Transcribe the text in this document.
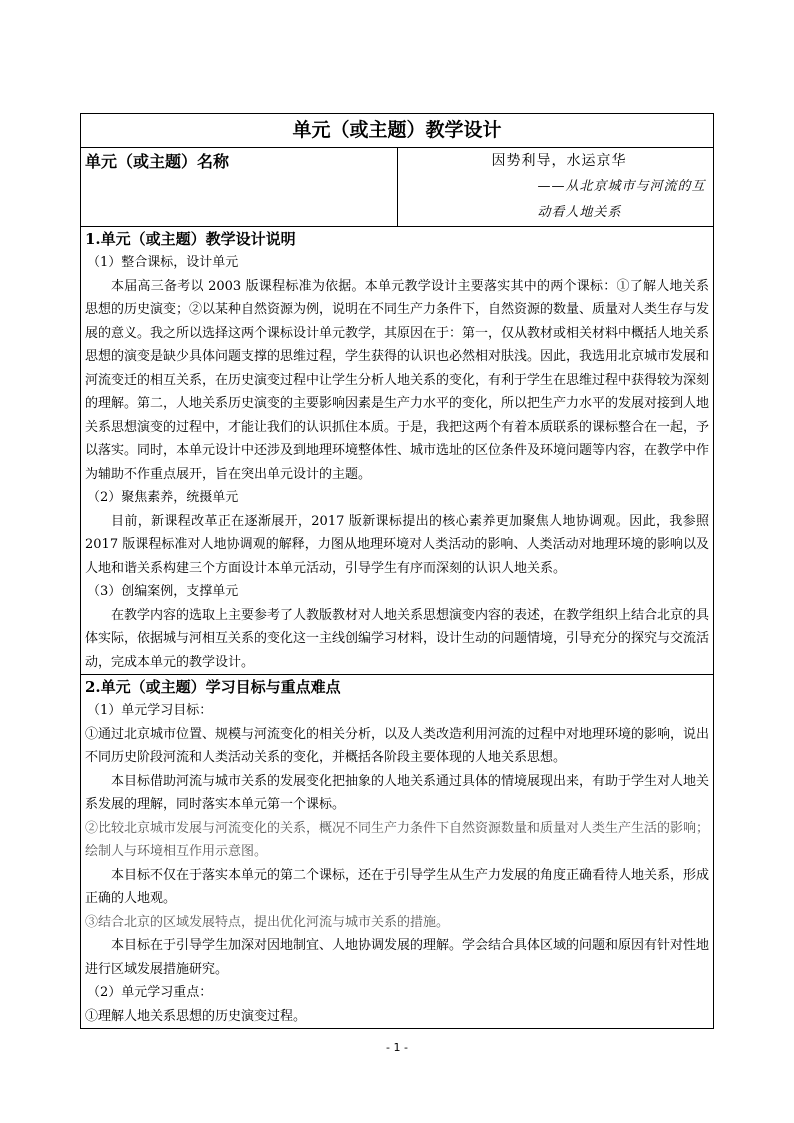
单元（或主题）教学设计
单元（或主题）名称	因势利导，水运京华
——从北京城市与河流的互动看人地关系

1.单元（或主题）教学设计说明
（1）整合课标，设计单元

本届高三备考以 2003 版课程标准为依据。本单元教学设计主要落实其中的两个课标：①了解人地关系思想的历史演变；②以某种自然资源为例，说明在不同生产力条件下，自然资源的数量、质量对人类生存与发展的意义。我之所以选择这两个课标设计单元教学，其原因在于：第一，仅从教材或相关材料中概括人地关系思想的演变是缺少具体问题支撑的思维过程，学生获得的认识也必然相对肤浅。因此，我选用北京城市发展和河流变迁的相互关系，在历史演变过程中让学生分析人地关系的变化，有利于学生在思维过程中获得较为深刻的理解。第二，人地关系历史演变的主要影响因素是生产力水平的变化，所以把生产力水平的发展对接到人地关系思想演变的过程中，才能让我们的认识抓住本质。于是，我把这两个有着本质联系的课标整合在一起，予以落实。同时，本单元设计中还涉及到地理环境整体性、城市选址的区位条件及环境问题等内容，在教学中作为辅助不作重点展开，旨在突出单元设计的主题。

（2）聚焦素养，统摄单元

目前，新课程改革正在逐渐展开，2017 版新课标提出的核心素养更加聚焦人地协调观。因此，我参照 2017 版课程标准对人地协调观的解释，力图从地理环境对人类活动的影响、人类活动对地理环境的影响以及人地和谐关系构建三个方面设计本单元活动，引导学生有序而深刻的认识人地关系。

（3）创编案例，支撑单元

在教学内容的选取上主要参考了人教版教材对人地关系思想演变内容的表述，在教学组织上结合北京的具体实际，依据城与河相互关系的变化这一主线创编学习材料，设计生动的问题情境，引导充分的探究与交流活动，完成本单元的教学设计。

2.单元（或主题）学习目标与重点难点
（1）单元学习目标：

①通过北京城市位置、规模与河流变化的相关分析，以及人类改造利用河流的过程中对地理环境的影响，说出不同历史阶段河流和人类活动关系的变化，并概括各阶段主要体现的人地关系思想。

本目标借助河流与城市关系的发展变化把抽象的人地关系通过具体的情境展现出来，有助于学生对人地关系发展的理解，同时落实本单元第一个课标。

②比较北京城市发展与河流变化的关系，概况不同生产力条件下自然资源数量和质量对人类生产生活的影响；绘制人与环境相互作用示意图。

本目标不仅在于落实本单元的第二个课标，还在于引导学生从生产力发展的角度正确看待人地关系，形成正确的人地观。

③结合北京的区域发展特点，提出优化河流与城市关系的措施。

本目标在于引导学生加深对因地制宜、人地协调发展的理解。学会结合具体区域的问题和原因有针对性地进行区域发展措施研究。

（2）单元学习重点：

①理解人地关系思想的历史演变过程。

- 1 -
